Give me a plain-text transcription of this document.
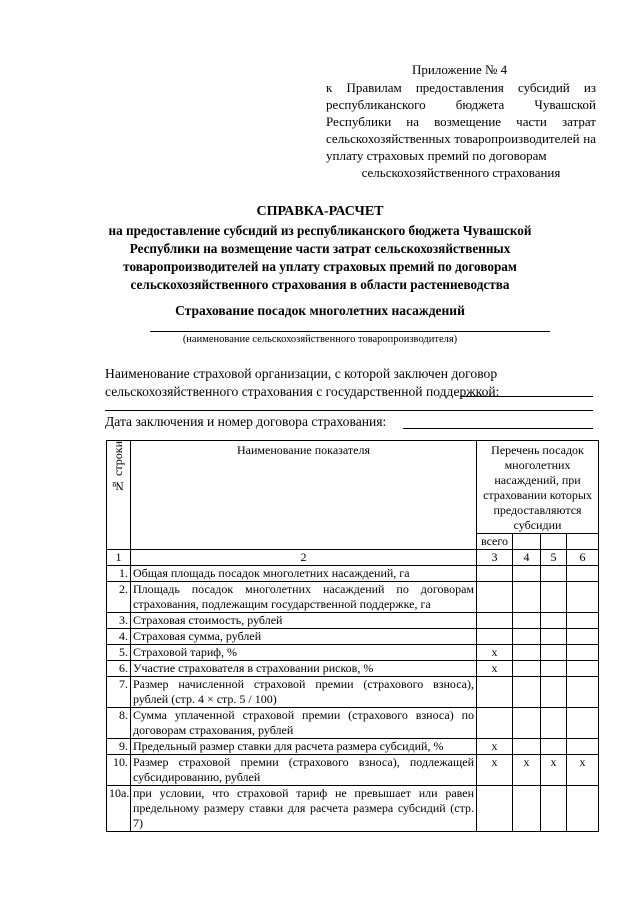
Приложение № 4
к Правилам предоставления субсидий из республиканского бюджета Чувашской Республики на возмещение части затрат сельскохозяйственных товаропроизводителей на уплату страховых премий по договорам
сельскохозяйственного страхования
СПРАВКА-РАСЧЕТ
на предоставление субсидий из республиканского бюджета Чувашской Республики на возмещение части затрат сельскохозяйственных товаропроизводителей на уплату страховых премий по договорам сельскохозяйственного страхования в области растениеводства
Страхование посадок многолетних насаждений
(наименование сельскохозяйственного товаропроизводителя)
Наименование страховой организации, с которой заключен договор сельскохозяйственного страхования с государственной поддержкой:
Дата заключения и номер договора страхования:
№ строки	Наименование показателя	Перечень посадок многолетних насаждений, при страховании которых предоставляются субсидии			
		всего			
1	2	3	4	5	6
1.	Общая площадь посадок многолетних насаждений, га				
2.	Площадь посадок многолетних насаждений по договорам страхования, подлежащим государственной поддержке, га				
3.	Страховая стоимость, рублей				
4.	Страховая сумма, рублей				
5.	Страховой тариф, %	х			
6.	Участие страхователя в страховании рисков, %	х			
7.	Размер начисленной страховой премии (страхового взноса), рублей (стр. 4 × стр. 5 / 100)				
8.	Сумма уплаченной страховой премии (страхового взноса) по договорам страхования, рублей				
9.	Предельный размер ставки для расчета размера субсидий, %	х			
10.	Размер страховой премии (страхового взноса), подлежащей субсидированию, рублей	х	х	х	х
10а.	при условии, что страховой тариф не превышает или равен предельному размеру ставки для расчета размера субсидий (стр. 7)				
